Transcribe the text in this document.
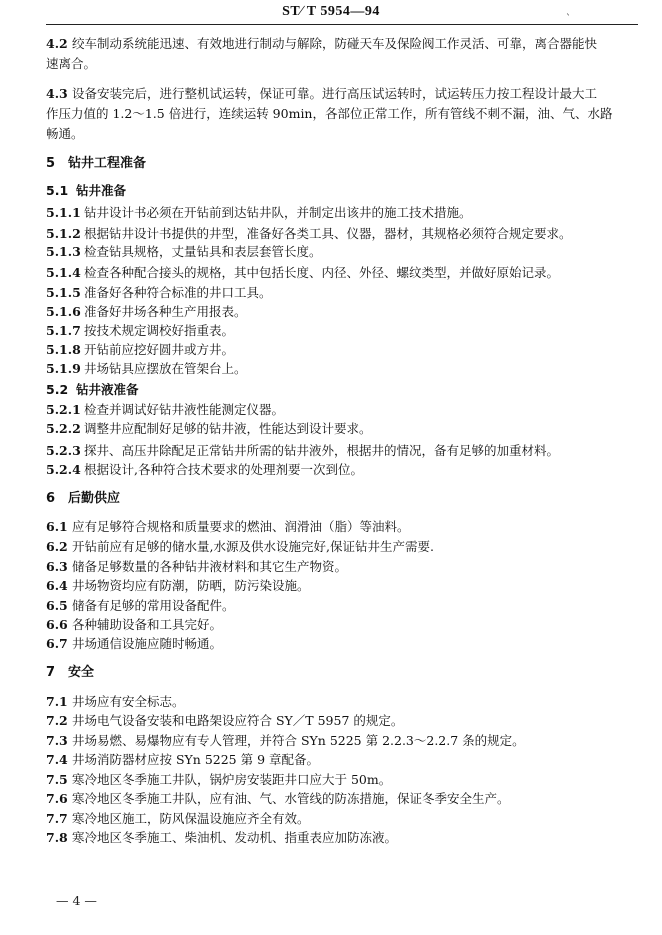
ST∕ T 5954—94
`
4.2 绞车制动系统能迅速、有效地进行制动与解除，防碰天车及保险阀工作灵活、可靠，离合器能快
速离合。
4.3 设备安装完后，进行整机试运转，保证可靠。进行高压试运转时，试运转压力按工程设计最大工
作压力值的 1.2～1.5 倍进行，连续运转 90min，各部位正常工作，所有管线不刺不漏，油、气、水路
畅通。
5 钻井工程准备
5.1 钻井准备
5.1.1 钻井设计书必须在开钻前到达钻井队，并制定出该井的施工技术措施。
5.1.2 根据钻井设计书提供的井型，准备好各类工具、仪器，器材，其规格必须符合规定要求。
5.1.3 检查钻具规格，丈量钻具和表层套管长度。
5.1.4 检查各种配合接头的规格，其中包括长度、内径、外径、螺纹类型，并做好原始记录。
5.1.5 准备好各种符合标准的井口工具。
5.1.6 准备好井场各种生产用报表。
5.1.7 按技术规定调校好指重表。
5.1.8 开钻前应挖好圆井或方井。
5.1.9 井场钻具应摆放在管架台上。
5.2 钻井液准备
5.2.1 检查并调试好钻井液性能测定仪器。
5.2.2 调整井应配制好足够的钻井液，性能达到设计要求。
5.2.3 探井、高压井除配足正常钻井所需的钻井液外，根据井的情况，备有足够的加重材料。
5.2.4 根据设计,各种符合技术要求的处理剂要一次到位。
6 后勤供应
6.1 应有足够符合规格和质量要求的燃油、润滑油（脂）等油料。
6.2 开钻前应有足够的储水量,水源及供水设施完好,保证钻井生产需要.
6.3 储备足够数量的各种钻井液材料和其它生产物资。
6.4 井场物资均应有防潮，防晒，防污染设施。
6.5 储备有足够的常用设备配件。
6.6 各种辅助设备和工具完好。
6.7 井场通信设施应随时畅通。
7 安全
7.1 井场应有安全标志。
7.2 井场电气设备安装和电路架设应符合 SY／T 5957 的规定。
7.3 井场易燃、易爆物应有专人管理，并符合 SYn 5225 第 2.2.3～2.2.7 条的规定。
7.4 井场消防器材应按 SYn 5225 第 9 章配备。
7.5 寒冷地区冬季施工井队，锅炉房安装距井口应大于 50m。
7.6 寒冷地区冬季施工井队，应有油、气、水管线的防冻措施，保证冬季安全生产。
7.7 寒冷地区施工，防风保温设施应齐全有效。
7.8 寒冷地区冬季施工、柴油机、发动机、指重表应加防冻液。
— 4 —
